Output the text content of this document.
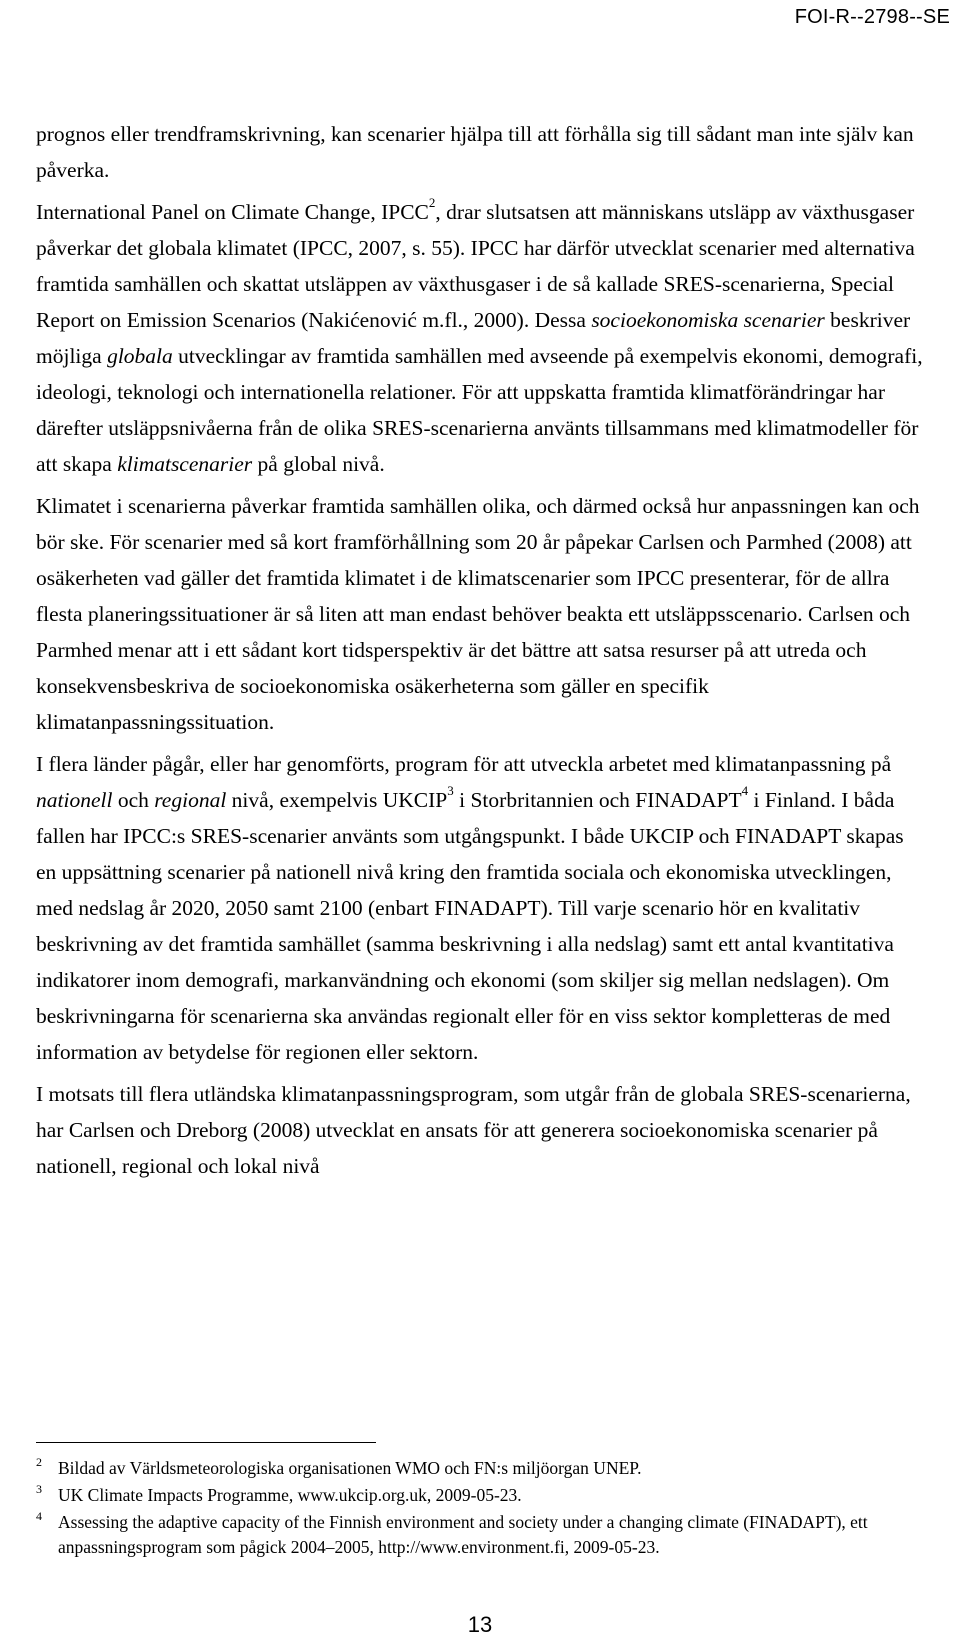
FOI-R--2798--SE

prognos eller trendframskrivning, kan scenarier hjälpa till att förhålla sig till sådant man inte själv kan påverka.

International Panel on Climate Change, IPCC$^2$, drar slutsatsen att människans utsläpp av växthusgaser påverkar det globala klimatet (IPCC, 2007, s. 55). IPCC har därför utvecklat scenarier med alternativa framtida samhällen och skattat utsläppen av växthusgaser i de så kallade SRES-scenarierna, Special Report on Emission Scenarios (Nakićenović m.fl., 2000). Dessa socioekonomiska scenarier beskriver möjliga globala utvecklingar av framtida samhällen med avseende på exempelvis ekonomi, demografi, ideologi, teknologi och internationella relationer. För att uppskatta framtida klimatförändringar har därefter utsläppsnivåerna från de olika SRES-scenarierna använts tillsammans med klimatmodeller för att skapa klimatscenarier på global nivå.

Klimatet i scenarierna påverkar framtida samhällen olika, och därmed också hur anpassningen kan och bör ske. För scenarier med så kort framförhållning som 20 år påpekar Carlsen och Parmhed (2008) att osäkerheten vad gäller det framtida klimatet i de klimatscenarier som IPCC presenterar, för de allra flesta planeringssituationer är så liten att man endast behöver beakta ett utsläppsscenario. Carlsen och Parmhed menar att i ett sådant kort tidsperspektiv är det bättre att satsa resurser på att utreda och konsekvensbeskriva de socioekonomiska osäkerheterna som gäller en specifik klimatanpassningssituation.

I flera länder pågår, eller har genomförts, program för att utveckla arbetet med klimatanpassning på nationell och regional nivå, exempelvis UKCIP$^3$ i Storbritannien och FINADAPT$^4$ i Finland. I båda fallen har IPCC:s SRES-scenarier använts som utgångspunkt. I både UKCIP och FINADAPT skapas en uppsättning scenarier på nationell nivå kring den framtida sociala och ekonomiska utvecklingen, med nedslag år 2020, 2050 samt 2100 (enbart FINADAPT). Till varje scenario hör en kvalitativ beskrivning av det framtida samhället (samma beskrivning i alla nedslag) samt ett antal kvantitativa indikatorer inom demografi, markanvändning och ekonomi (som skiljer sig mellan nedslagen). Om beskrivningarna för scenarierna ska användas regionalt eller för en viss sektor kompletteras de med information av betydelse för regionen eller sektorn.

I motsats till flera utländska klimatanpassningsprogram, som utgår från de globala SRES-scenarierna, har Carlsen och Dreborg (2008) utvecklat en ansats för att generera socioekonomiska scenarier på nationell, regional och lokal nivå

2 Bildad av Världsmeteorologiska organisationen WMO och FN:s miljöorgan UNEP.
3 UK Climate Impacts Programme, www.ukcip.org.uk, 2009-05-23.
4 Assessing the adaptive capacity of the Finnish environment and society under a changing climate (FINADAPT), ett anpassningsprogram som pågick 2004–2005, http://www.environment.fi, 2009-05-23.
13
